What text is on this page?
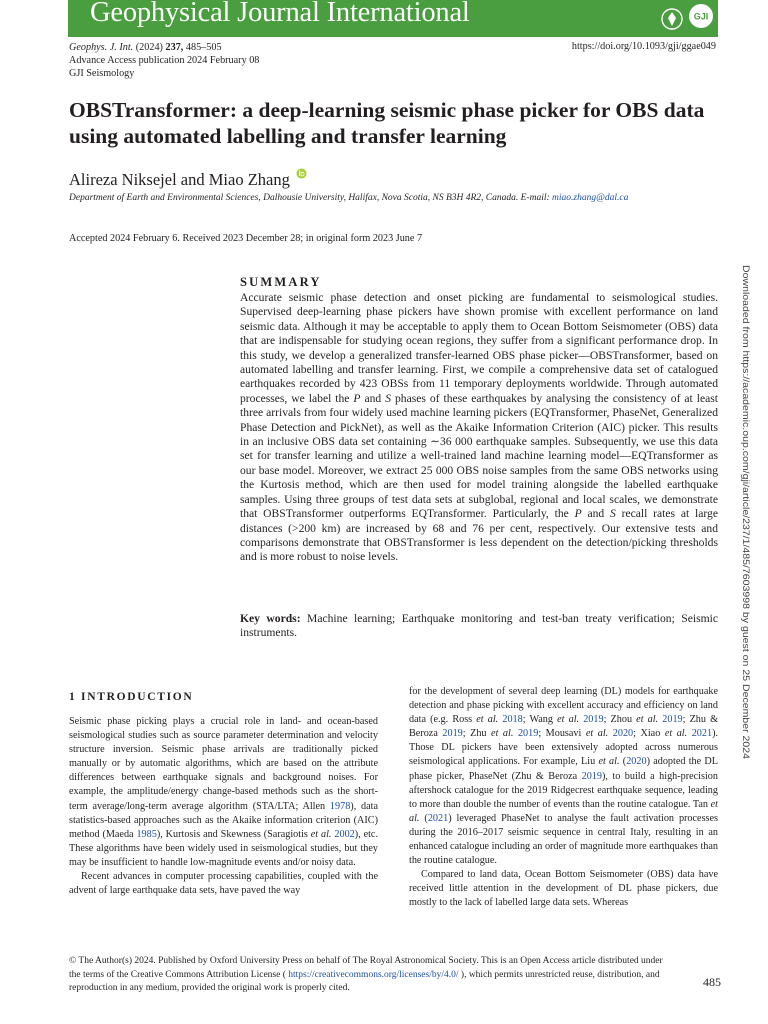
Geophysical Journal International	GJI
Geophys. J. Int. (2024) 237, 485–505
Advance Access publication 2024 February 08
GJI Seismology
https://doi.org/10.1093/gji/ggae049
OBSTransformer: a deep-learning seismic phase picker for OBS data using automated labelling and transfer learning
Alireza Niksejel and Miao Zhang
Department of Earth and Environmental Sciences, Dalhousie University, Halifax, Nova Scotia, NS B3H 4R2, Canada. E-mail: miao.zhang@dal.ca
Accepted 2024 February 6. Received 2023 December 28; in original form 2023 June 7
SUMMARY
Accurate seismic phase detection and onset picking are fundamental to seismological studies. Supervised deep-learning phase pickers have shown promise with excellent performance on land seismic data. Although it may be acceptable to apply them to Ocean Bottom Seismometer (OBS) data that are indispensable for studying ocean regions, they suffer from a significant performance drop. In this study, we develop a generalized transfer-learned OBS phase picker—OBSTransformer, based on automated labelling and transfer learning. First, we compile a comprehensive data set of catalogued earthquakes recorded by 423 OBSs from 11 temporary deployments worldwide. Through automated processes, we label the P and S phases of these earthquakes by analysing the consistency of at least three arrivals from four widely used machine learning pickers (EQTransformer, PhaseNet, Generalized Phase Detection and PickNet), as well as the Akaike Information Criterion (AIC) picker. This results in an inclusive OBS data set containing ∼36 000 earthquake samples. Subsequently, we use this data set for transfer learning and utilize a well-trained land machine learning model—EQTransformer as our base model. Moreover, we extract 25 000 OBS noise samples from the same OBS networks using the Kurtosis method, which are then used for model training alongside the labelled earthquake samples. Using three groups of test data sets at subglobal, regional and local scales, we demonstrate that OBSTransformer outperforms EQTransformer. Particularly, the P and S recall rates at large distances (>200 km) are increased by 68 and 76 per cent, respectively. Our extensive tests and comparisons demonstrate that OBSTransformer is less dependent on the detection/picking thresholds and is more robust to noise levels.
Key words: Machine learning; Earthquake monitoring and test-ban treaty verification; Seismic instruments.	Downloaded from https://academic.oup.com/gji/article/237/1/485/7603998 by guest on 25 December 2024
1 INTRODUCTION

Seismic phase picking plays a crucial role in land- and ocean-based seismological studies such as source parameter determination and velocity structure inversion. Seismic phase arrivals are traditionally picked manually or by automatic algorithms, which are based on the attribute differences between earthquake signals and background noises. For example, the amplitude/energy change-based methods such as the short-term average/long-term average algorithm (STA/LTA; Allen 1978), data statistics-based approaches such as the Akaike information criterion (AIC) method (Maeda 1985), Kurtosis and Skewness (Saragiotis et al. 2002), etc. These algorithms have been widely used in seismological studies, but they may be insufficient to handle low-magnitude events and/or noisy data.

Recent advances in computer processing capabilities, coupled with the advent of large earthquake data sets, have paved the way

for the development of several deep learning (DL) models for earthquake detection and phase picking with excellent accuracy and efficiency on land data (e.g. Ross et al. 2018; Wang et al. 2019; Zhou et al. 2019; Zhu & Beroza 2019; Zhu et al. 2019; Mousavi et al. 2020; Xiao et al. 2021). Those DL pickers have been extensively adopted across numerous seismological applications. For example, Liu et al. (2020) adopted the DL phase picker, PhaseNet (Zhu & Beroza 2019), to build a high-precision aftershock catalogue for the 2019 Ridgecrest earthquake sequence, leading to more than double the number of events than the routine catalogue. Tan et al. (2021) leveraged PhaseNet to analyse the fault activation processes during the 2016–2017 seismic sequence in central Italy, resulting in an enhanced catalogue including an order of magnitude more earthquakes than the routine catalogue.

Compared to land data, Ocean Bottom Seismometer (OBS) data have received little attention in the development of DL phase pickers, due mostly to the lack of labelled large data sets. Whereas

© The Author(s) 2024. Published by Oxford University Press on behalf of The Royal Astronomical Society. This is an Open Access article distributed under the terms of the Creative Commons Attribution License ( https://creativecommons.org/licenses/by/4.0/ ), which permits unrestricted reuse, distribution, and reproduction in any medium, provided the original work is properly cited.	485
